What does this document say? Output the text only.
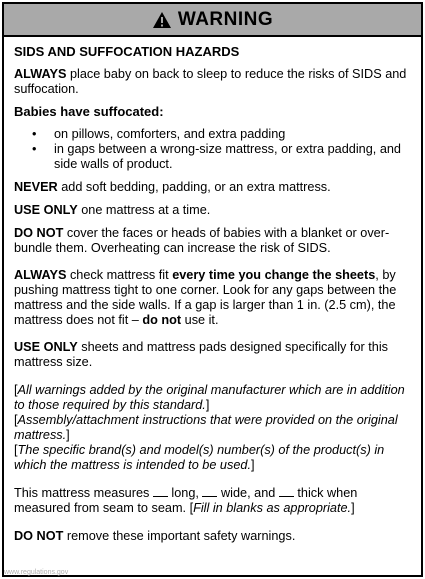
WARNING

SIDS AND SUFFOCATION HAZARDS

ALWAYS place baby on back to sleep to reduce the risks of SIDS and suffocation.

Babies have suffocated:

• on pillows, comforters, and extra padding
• in gaps between a wrong-size mattress, or extra padding, and side walls of product.

NEVER add soft bedding, padding, or an extra mattress.

USE ONLY one mattress at a time.

DO NOT cover the faces or heads of babies with a blanket or over-bundle them. Overheating can increase the risk of SIDS.

ALWAYS check mattress fit every time you change the sheets, by pushing mattress tight to one corner. Look for any gaps between the mattress and the side walls. If a gap is larger than 1 in. (2.5 cm), the mattress does not fit – do not use it.

USE ONLY sheets and mattress pads designed specifically for this mattress size.

[All warnings added by the original manufacturer which are in addition to those required by this standard.]

[Assembly/attachment instructions that were provided on the original mattress.]

[The specific brand(s) and model(s) number(s) of the product(s) in which the mattress is intended to be used.]

This mattress measures  long,  wide, and  thick when measured from seam to seam. [Fill in blanks as appropriate.]

DO NOT remove these important safety warnings.

www.regulations.gov
